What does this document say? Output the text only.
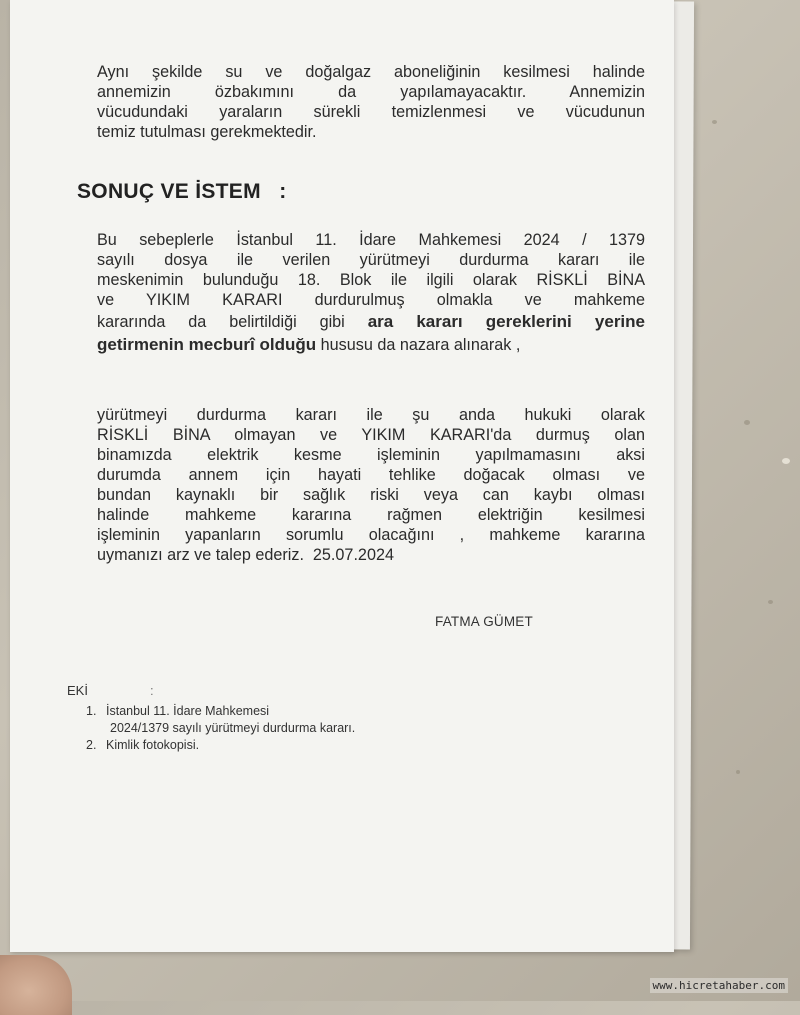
Aynı şekilde su ve doğalgaz aboneliğinin kesilmesi halinde
annemizin özbakımını da yapılamayacaktır. Annemizin
vücudundaki yaraların sürekli temizlenmesi ve vücudunun
temiz tutulması gerekmektedir.
SONUÇ VE İSTEM   :
Bu sebeplerle İstanbul 11. İdare Mahkemesi 2024 / 1379
sayılı dosya ile verilen yürütmeyi durdurma kararı ile
meskenimin bulunduğu 18. Blok ile ilgili olarak RİSKLİ BİNA
ve YIKIM KARARI durdurulmuş olmakla ve mahkeme
kararında da belirtildiği gibi ara kararı gereklerini yerine
getirmenin mecburî olduğu hususu da nazara alınarak ,
yürütmeyi durdurma kararı ile şu anda hukuki olarak
RİSKLİ BİNA olmayan ve YIKIM KARARI'da durmuş olan
binamızda elektrik kesme işleminin yapılmamasını aksi
durumda annem için hayati tehlike doğacak olması ve
bundan kaynaklı bir sağlık riski veya can kaybı olması
halinde mahkeme kararına rağmen elektriğin kesilmesi
işleminin yapanların sorumlu olacağını , mahkeme kararına
uymanızı arz ve talep ederiz.  25.07.2024
FATMA GÜMET
EKİ	:
1. İstanbul 11. İdare Mahkemesi
2024/1379 sayılı yürütmeyi durdurma kararı.
2. Kimlik fotokopisi.
www.hicretahaber.com
